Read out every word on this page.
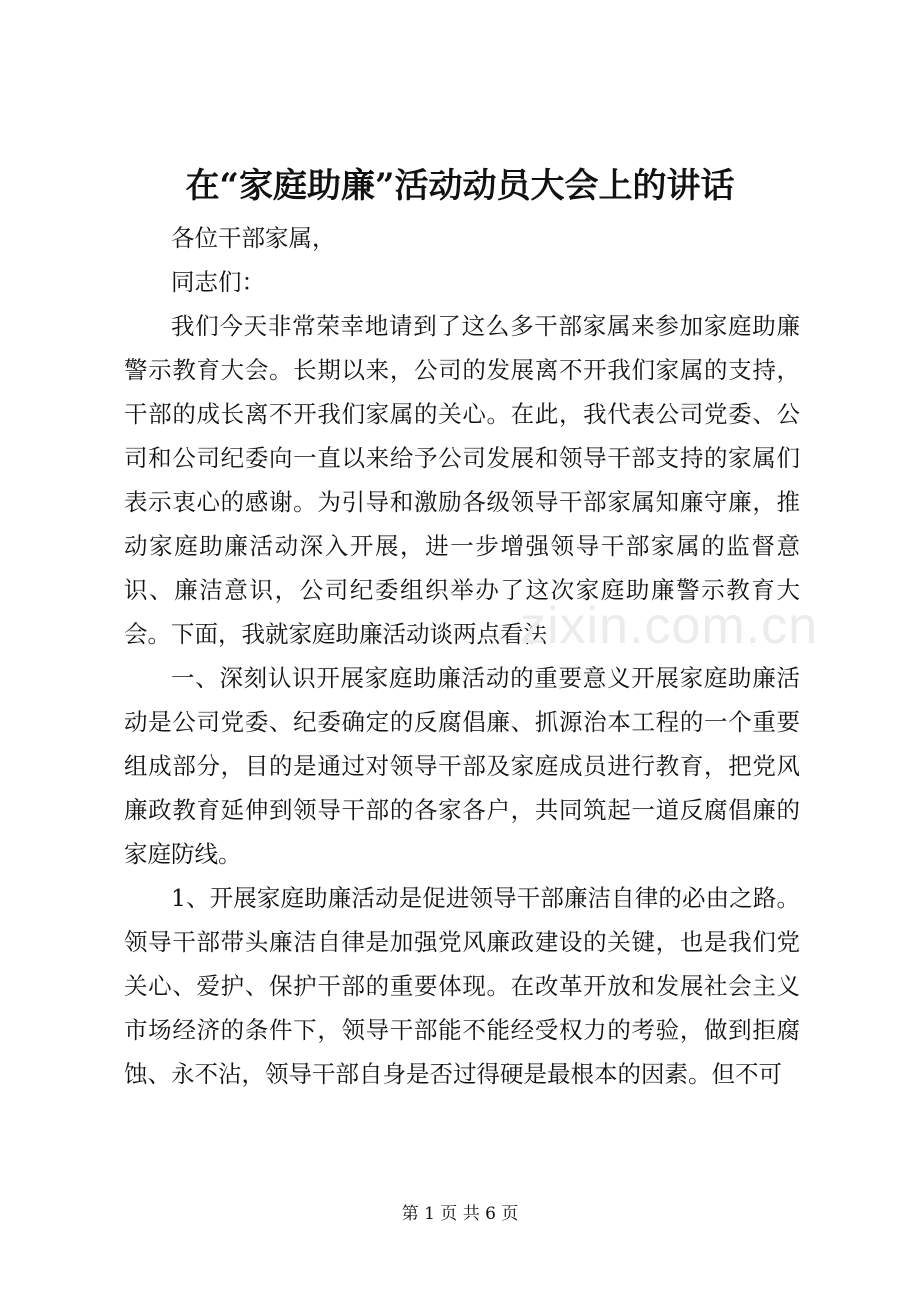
在“家庭助廉”活动动员大会上的讲话

各位干部家属，

同志们：

我们今天非常荣幸地请到了这么多干部家属来参加家庭助廉警示教育大会。长期以来，公司的发展离不开我们家属的支持，干部的成长离不开我们家属的关心。在此，我代表公司党委、公司和公司纪委向一直以来给予公司发展和领导干部支持的家属们表示衷心的感谢。为引导和激励各级领导干部家属知廉守廉，推动家庭助廉活动深入开展，进一步增强领导干部家属的监督意识、廉洁意识，公司纪委组织举办了这次家庭助廉警示教育大会。下面，我就家庭助廉活动谈两点看法：

一、深刻认识开展家庭助廉活动的重要意义开展家庭助廉活动是公司党委、纪委确定的反腐倡廉、抓源治本工程的一个重要组成部分，目的是通过对领导干部及家庭成员进行教育，把党风廉政教育延伸到领导干部的各家各户，共同筑起一道反腐倡廉的家庭防线。

1、开展家庭助廉活动是促进领导干部廉洁自律的必由之路。领导干部带头廉洁自律是加强党风廉政建设的关键，也是我们党关心、爱护、保护干部的重要体现。在改革开放和发展社会主义市场经济的条件下，领导干部能不能经受权力的考验，做到拒腐蚀、永不沾，领导干部自身是否过得硬是最根本的因素。但不可

zixin.com.cn
第 1 页 共 6 页
